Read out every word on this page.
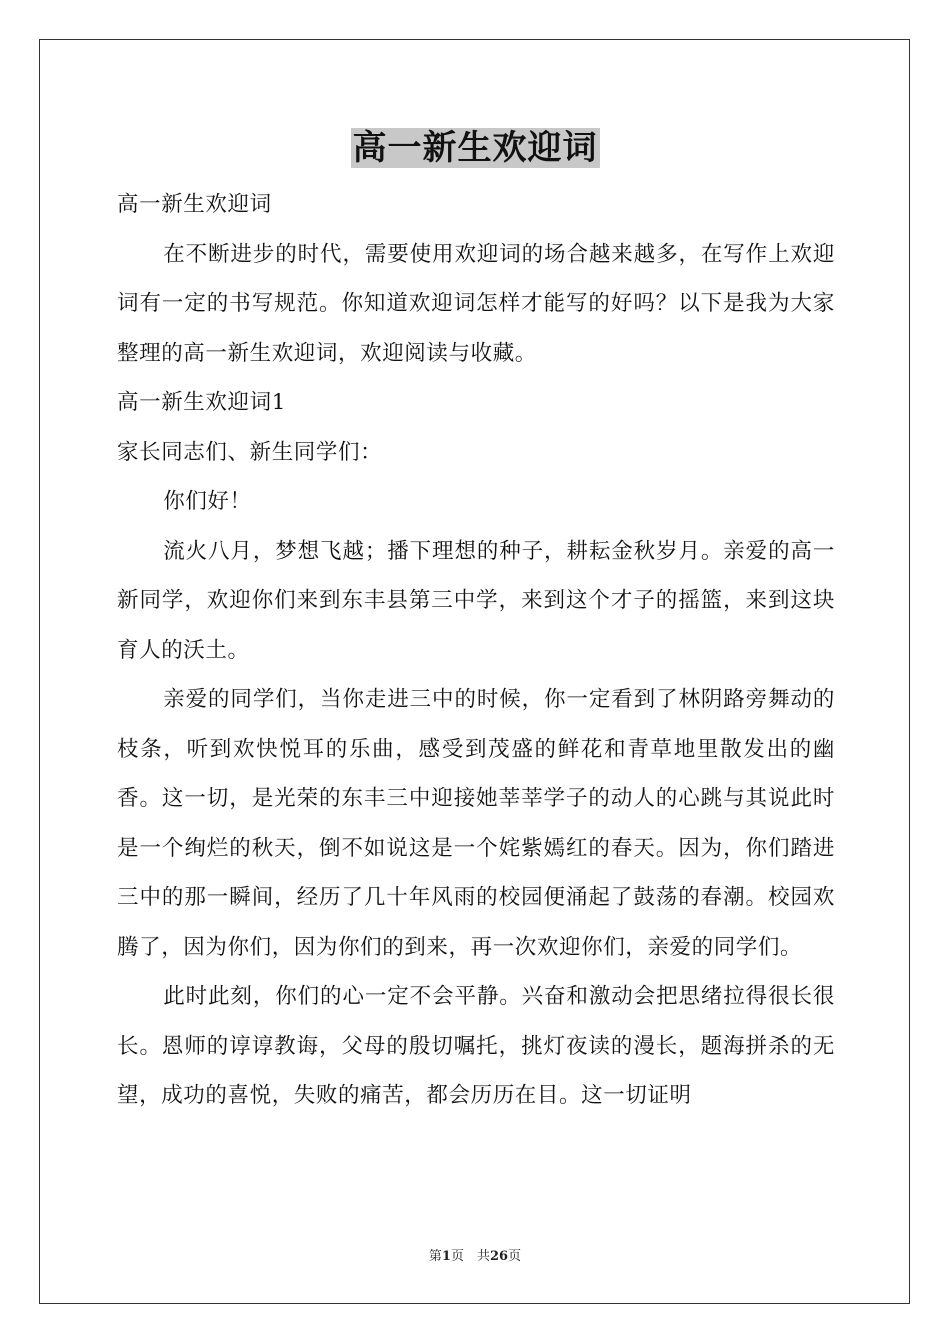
高一新生欢迎词

高一新生欢迎词

在不断进步的时代，需要使用欢迎词的场合越来越多，在写作上欢迎词有一定的书写规范。你知道欢迎词怎样才能写的好吗？以下是我为大家整理的高一新生欢迎词，欢迎阅读与收藏。

高一新生欢迎词1

家长同志们、新生同学们：

你们好！

流火八月，梦想飞越；播下理想的种子，耕耘金秋岁月。亲爱的高一新同学，欢迎你们来到东丰县第三中学，来到这个才子的摇篮，来到这块育人的沃土。

亲爱的同学们，当你走进三中的时候，你一定看到了林阴路旁舞动的枝条，听到欢快悦耳的乐曲，感受到茂盛的鲜花和青草地里散发出的幽香。这一切，是光荣的东丰三中迎接她莘莘学子的动人的心跳与其说此时是一个绚烂的秋天，倒不如说这是一个姹紫嫣红的春天。因为，你们踏进三中的那一瞬间，经历了几十年风雨的校园便涌起了鼓荡的春潮。校园欢腾了，因为你们，因为你们的到来，再一次欢迎你们，亲爱的同学们。

此时此刻，你们的心一定不会平静。兴奋和激动会把思绪拉得很长很长。恩师的谆谆教诲，父母的殷切嘱托，挑灯夜读的漫长，题海拼杀的无望，成功的喜悦，失败的痛苦，都会历历在目。这一切证明

第1页　共26页
